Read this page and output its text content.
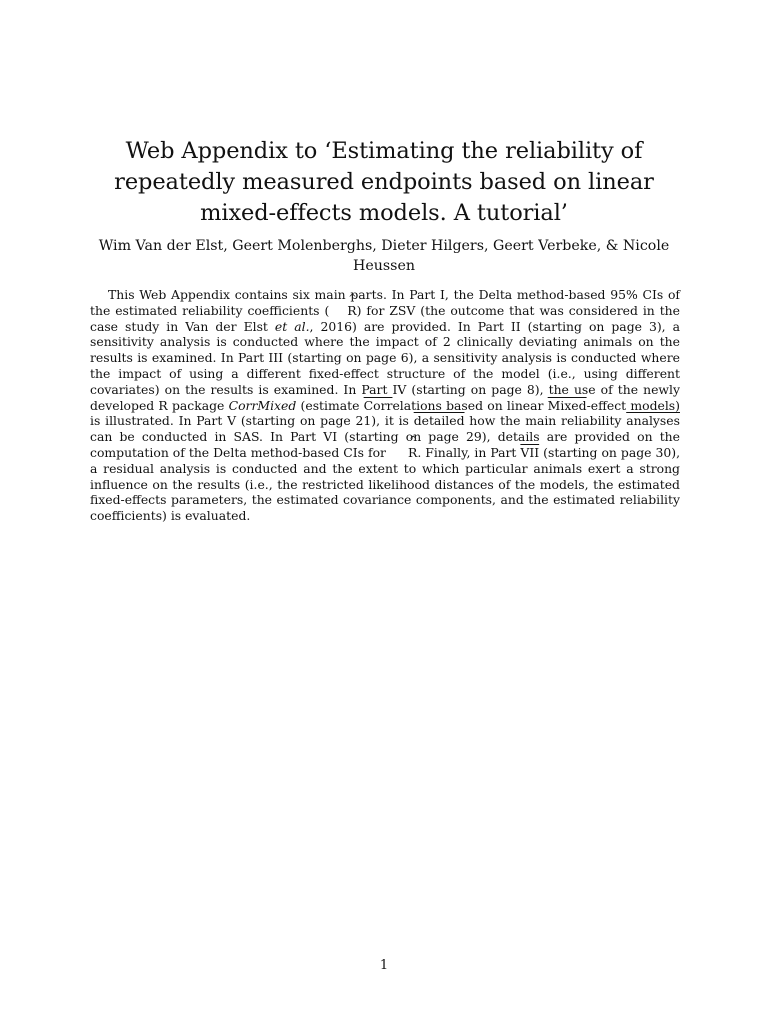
Web Appendix to ‘Estimating the reliability of repeatedly measured endpoints based on linear mixed-effects models. A tutorial’
Wim Van der Elst, Geert Molenberghs, Dieter Hilgers, Geert Verbeke, & Nicole Heussen

This Web Appendix contains six main parts. In Part I, the Delta method-based 95% CIs of the estimated reliability coefficients ( ^ R) for ZSV (the outcome that was considered in the case study in Van der Elst et al., 2016) are provided. In Part II (starting on page 3), a sensitivity analysis is conducted where the impact of 2 clinically deviating animals on the results is examined. In Part III (starting on page 6), a sensitivity analysis is conducted where the impact of using a different fixed-effect structure of the model (i.e., using different covariates) on the results is examined. In Part IV (starting on page 8), the use of the newly developed R package CorrMixed (estimate Correlations based on linear Mixed-effect models) is illustrated. In Part V (starting on page 21), it is detailed how the main reliability analyses can be conducted in SAS. In Part VI (starting on page 29), details are provided on the computation of the Delta method-based CIs for ^ R. Finally, in Part $\overline{VII}$ (starting on page 30), a residual analysis is conducted and the extent to which particular animals exert a strong influence on the results (i.e., the restricted likelihood distances of the models, the estimated fixed-effects parameters, the estimated covariance components, and the estimated reliability coefficients) is evaluated.

1
